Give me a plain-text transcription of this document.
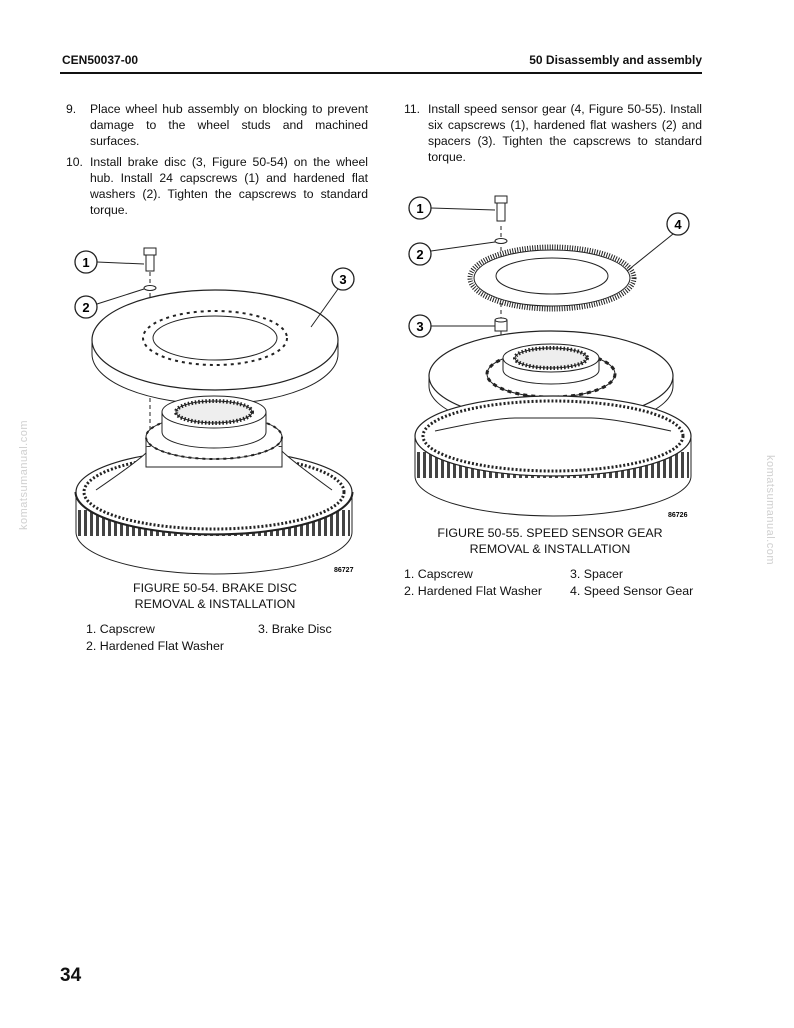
CEN50037-00	50 Disassembly and assembly
9. Place wheel hub assembly on blocking to prevent damage to the wheel studs and machined surfaces.
10. Install brake disc (3, Figure 50-54) on the wheel hub. Install 24 capscrews (1) and hardened flat washers (2). Tighten the capscrews to standard torque.
11. Install speed sensor gear (4, Figure 50-55). Install six capscrews (1), hardened flat washers (2) and spacers (3). Tighten the capscrews to standard torque.
1
2
3
86727
FIGURE 50-54. BRAKE DISC
REMOVAL & INSTALLATION
1. Capscrew
2. Hardened Flat Washer
3. Brake Disc
1
2
3
4
86726
FIGURE 50-55. SPEED SENSOR GEAR
REMOVAL & INSTALLATION
1. Capscrew
2. Hardened Flat Washer
3. Spacer
4. Speed Sensor Gear
komatsumanual.com	komatsumanual.com
34
